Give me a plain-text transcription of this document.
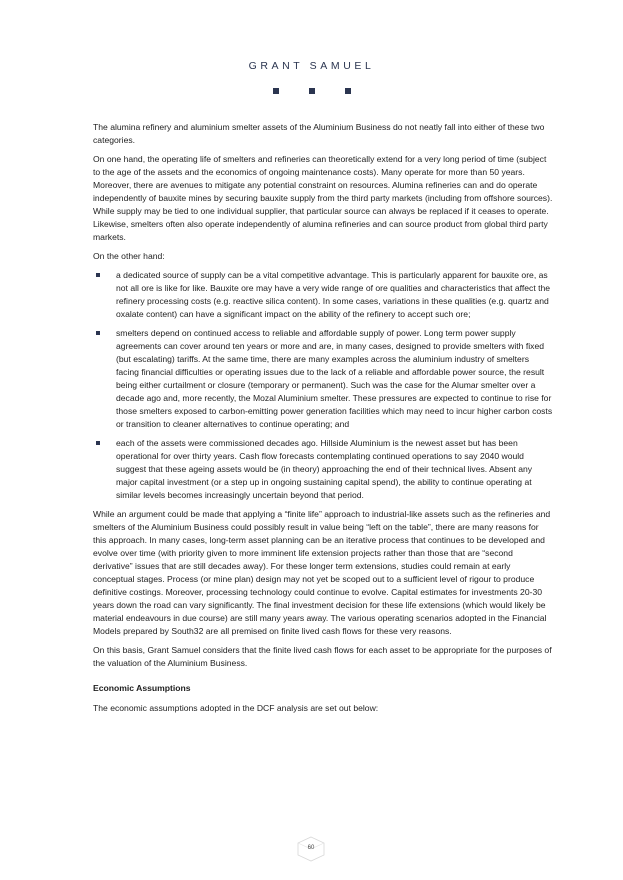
GRANT SAMUEL

The alumina refinery and aluminium smelter assets of the Aluminium Business do not neatly fall into either of these two categories.

On one hand, the operating life of smelters and refineries can theoretically extend for a very long period of time (subject to the age of the assets and the economics of ongoing maintenance costs). Many operate for more than 50 years. Moreover, there are avenues to mitigate any potential constraint on resources. Alumina refineries can and do operate independently of bauxite mines by securing bauxite supply from the third party markets (including from offshore sources). While supply may be tied to one individual supplier, that particular source can always be replaced if it ceases to operate. Likewise, smelters often also operate independently of alumina refineries and can source product from global third party markets.

On the other hand:

a dedicated source of supply can be a vital competitive advantage. This is particularly apparent for bauxite ore, as not all ore is like for like. Bauxite ore may have a very wide range of ore qualities and characteristics that affect the refinery processing costs (e.g. reactive silica content). In some cases, variations in these qualities (e.g. quartz and oxalate content) can have a significant impact on the ability of the refinery to accept such ore;
smelters depend on continued access to reliable and affordable supply of power. Long term power supply agreements can cover around ten years or more and are, in many cases, designed to provide smelters with fixed (but escalating) tariffs. At the same time, there are many examples across the aluminium industry of smelters facing financial difficulties or operating issues due to the lack of a reliable and affordable power source, the result being either curtailment or closure (temporary or permanent). Such was the case for the Alumar smelter over a decade ago and, more recently, the Mozal Aluminium smelter. These pressures are expected to continue to rise for those smelters exposed to carbon-emitting power generation facilities which may need to incur higher carbon costs or transition to cleaner alternatives to continue operating; and
each of the assets were commissioned decades ago. Hillside Aluminium is the newest asset but has been operational for over thirty years. Cash flow forecasts contemplating continued operations to say 2040 would suggest that these ageing assets would be (in theory) approaching the end of their technical lives. Absent any major capital investment (or a step up in ongoing sustaining capital spend), the ability to continue operating at similar levels becomes increasingly uncertain beyond that period.

While an argument could be made that applying a “finite life” approach to industrial-like assets such as the refineries and smelters of the Aluminium Business could possibly result in value being “left on the table”, there are many reasons for this approach. In many cases, long-term asset planning can be an iterative process that continues to be developed and evolve over time (with priority given to more imminent life extension projects rather than those that are “second derivative” issues that are still decades away). For these longer term extensions, studies could remain at early conceptual stages. Process (or mine plan) design may not yet be scoped out to a sufficient level of rigour to produce definitive costings. Moreover, processing technology could continue to evolve. Capital estimates for investments 20-30 years down the road can vary significantly. The final investment decision for these life extensions (which would likely be material endeavours in due course) are still many years away. The various operating scenarios adopted in the Financial Models prepared by South32 are all premised on finite lived cash flows for these very reasons.

On this basis, Grant Samuel considers that the finite lived cash flows for each asset to be appropriate for the purposes of the valuation of the Aluminium Business.

Economic Assumptions

The economic assumptions adopted in the DCF analysis are set out below:

60
